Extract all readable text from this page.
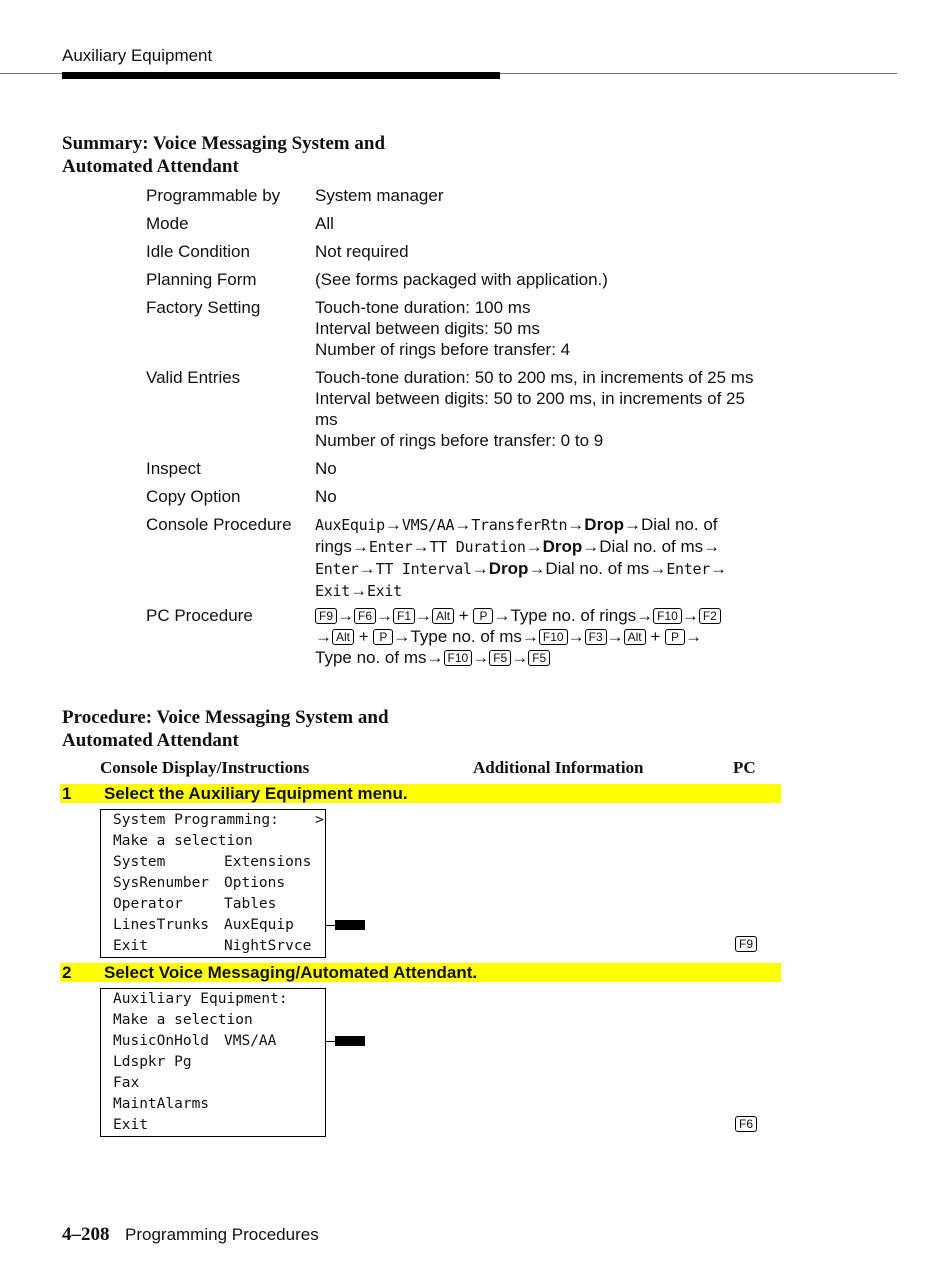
Auxiliary Equipment
Summary: Voice Messaging System and
Automated Attendant
Programmable by System manager
Mode	All
Idle Condition	Not required
Planning Form	(See forms packaged with application.)
Factory Setting	Touch-tone duration: 100 ms
Interval between digits: 50 ms
Number of rings before transfer: 4
Valid Entries	Touch-tone duration: 50 to 200 ms, in increments of 25 ms
Interval between digits: 50 to 200 ms, in increments of 25
ms
Number of rings before transfer: 0 to 9
Inspect	No
Copy Option	No
Console Procedure AuxEquip→VMS/AA→TransferRtn→Drop→Dial no. of
rings→Enter→TT Duration→Drop→Dial no. of ms→
Enter→TT Interval→Drop→Dial no. of ms→Enter→
Exit→Exit
PC Procedure	F9 → F6 → F1 → Alt + P →Type no. of rings→ F10 → F2
→ Alt + P →Type no. of ms→ F10 → F3 → Alt + P →
Type no. of ms→ F10 → F5 → F5
Procedure: Voice Messaging System and
Automated Attendant
Console Display/Instructions	Additional Information	PC
1 Select the Auxiliary Equipment menu.
System Programming: >
Make a selection
System	Extensions
SysRenumber Options
Operator	Tables
LinesTrunks AuxEquip
Exit	NightSrvce	F9
2 Select Voice Messaging/Automated Attendant.
Auxiliary Equipment:
Make a selection
MusicOnHold VMS/AA
Ldspkr Pg
Fax
MaintAlarms
Exit	F6
4–208 Programming Procedures
